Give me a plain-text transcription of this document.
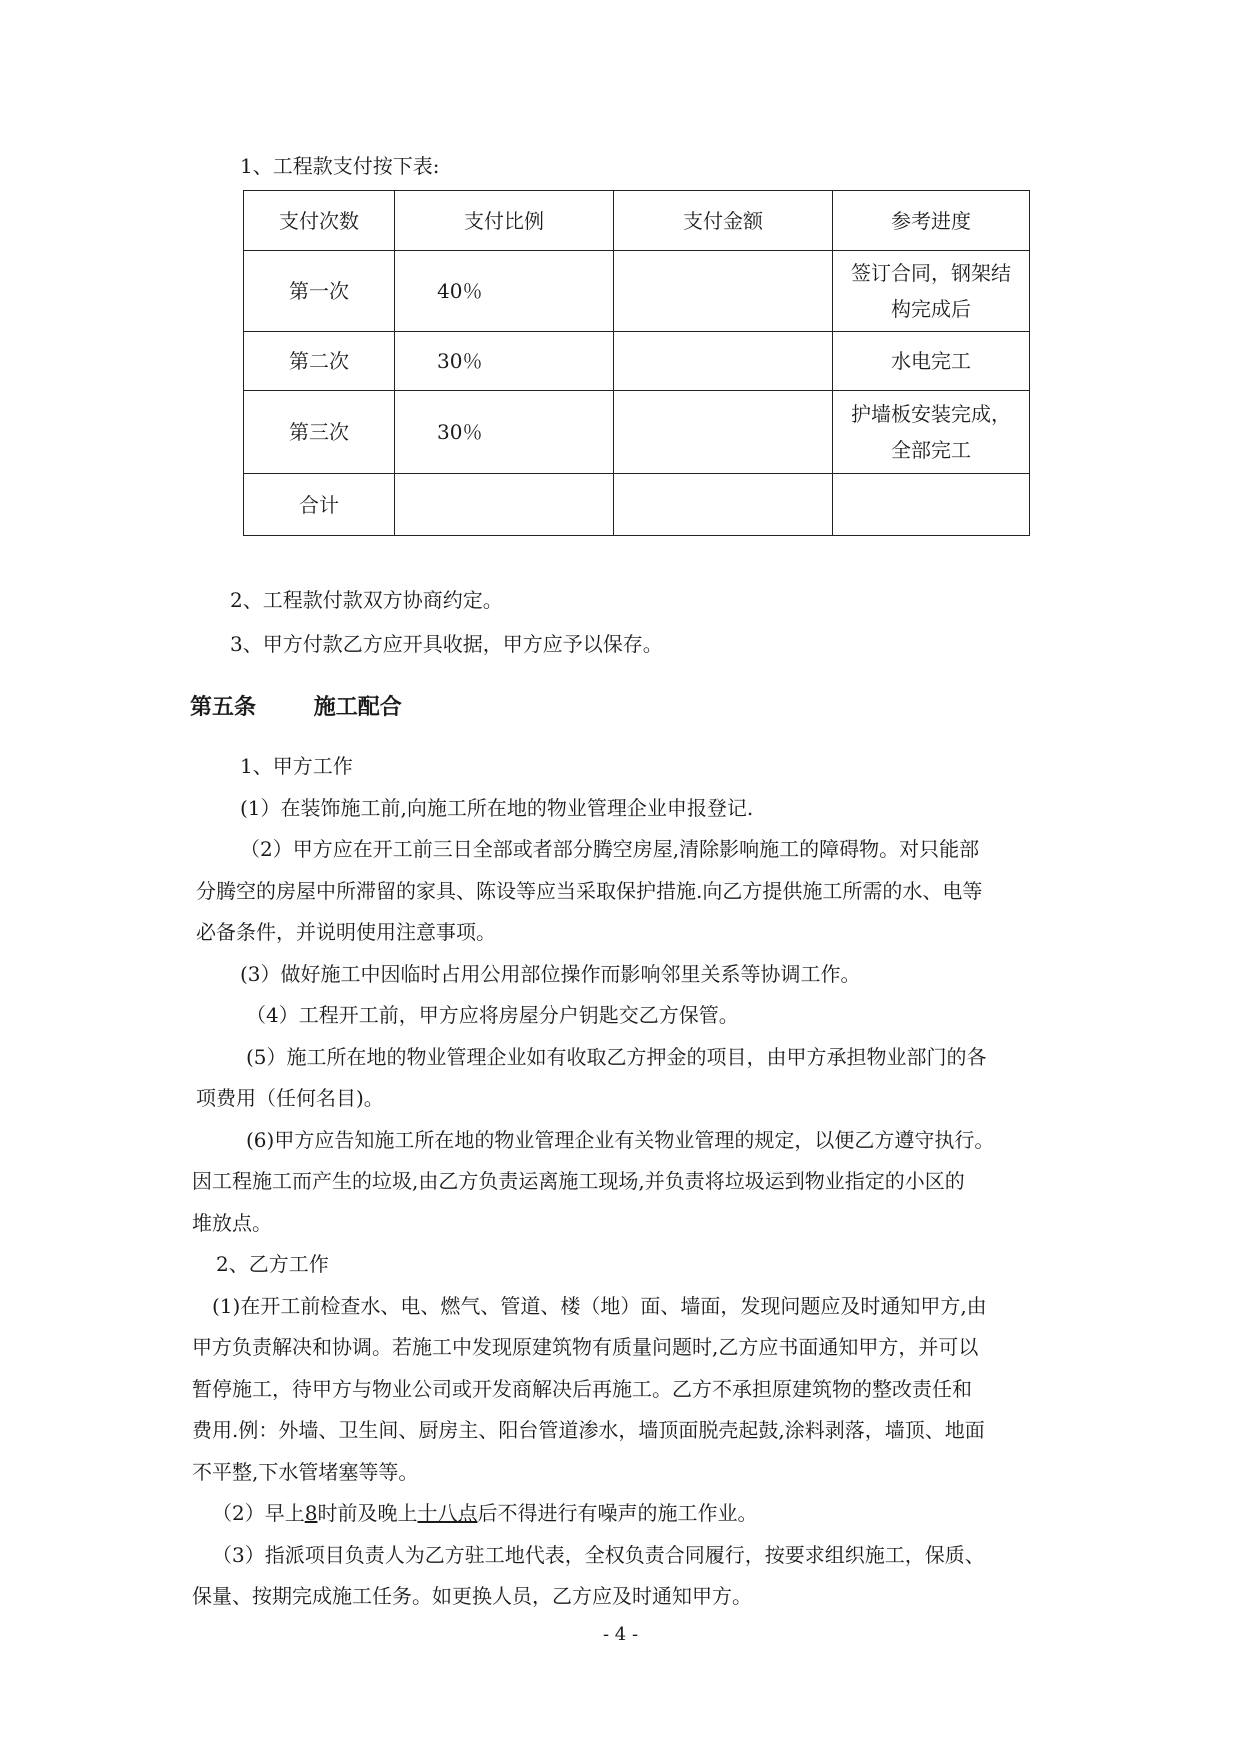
1、工程款支付按下表:
支付次数	支付比例	支付金额	参考进度
第一次	40％		签订合同，钢架结
构完成后

第二次	30％		水电完工

第三次	30％		护墙板安装完成，
全部完工

合计			
2、工程款付款双方协商约定。
3、甲方付款乙方应开具收据，甲方应予以保存。
第五条	施工配合
1、甲方工作
(1）在装饰施工前,向施工所在地的物业管理企业申报登记.
（2）甲方应在开工前三日全部或者部分腾空房屋,清除影响施工的障碍物。对只能部
分腾空的房屋中所滞留的家具、陈设等应当采取保护措施.向乙方提供施工所需的水、电等
必备条件，并说明使用注意事项。
(3）做好施工中因临时占用公用部位操作而影响邻里关系等协调工作。
（4）工程开工前，甲方应将房屋分户钥匙交乙方保管。
(5）施工所在地的物业管理企业如有收取乙方押金的项目，由甲方承担物业部门的各
项费用（任何名目)。
(6)甲方应告知施工所在地的物业管理企业有关物业管理的规定，以便乙方遵守执行。
因工程施工而产生的垃圾,由乙方负责运离施工现场,并负责将垃圾运到物业指定的小区的
堆放点。
2、乙方工作
(1)在开工前检查水、电、燃气、管道、楼（地）面、墙面，发现问题应及时通知甲方,由
甲方负责解决和协调。若施工中发现原建筑物有质量问题时,乙方应书面通知甲方，并可以
暂停施工，待甲方与物业公司或开发商解决后再施工。乙方不承担原建筑物的整改责任和
费用.例：外墙、卫生间、厨房主、阳台管道渗水，墙顶面脱壳起鼓,涂料剥落，墙顶、地面
不平整,下水管堵塞等等。
（2）早上8时前及晚上十八点后不得进行有噪声的施工作业。
（3）指派项目负责人为乙方驻工地代表，全权负责合同履行，按要求组织施工，保质、
保量、按期完成施工任务。如更换人员，乙方应及时通知甲方。
- 4 -
